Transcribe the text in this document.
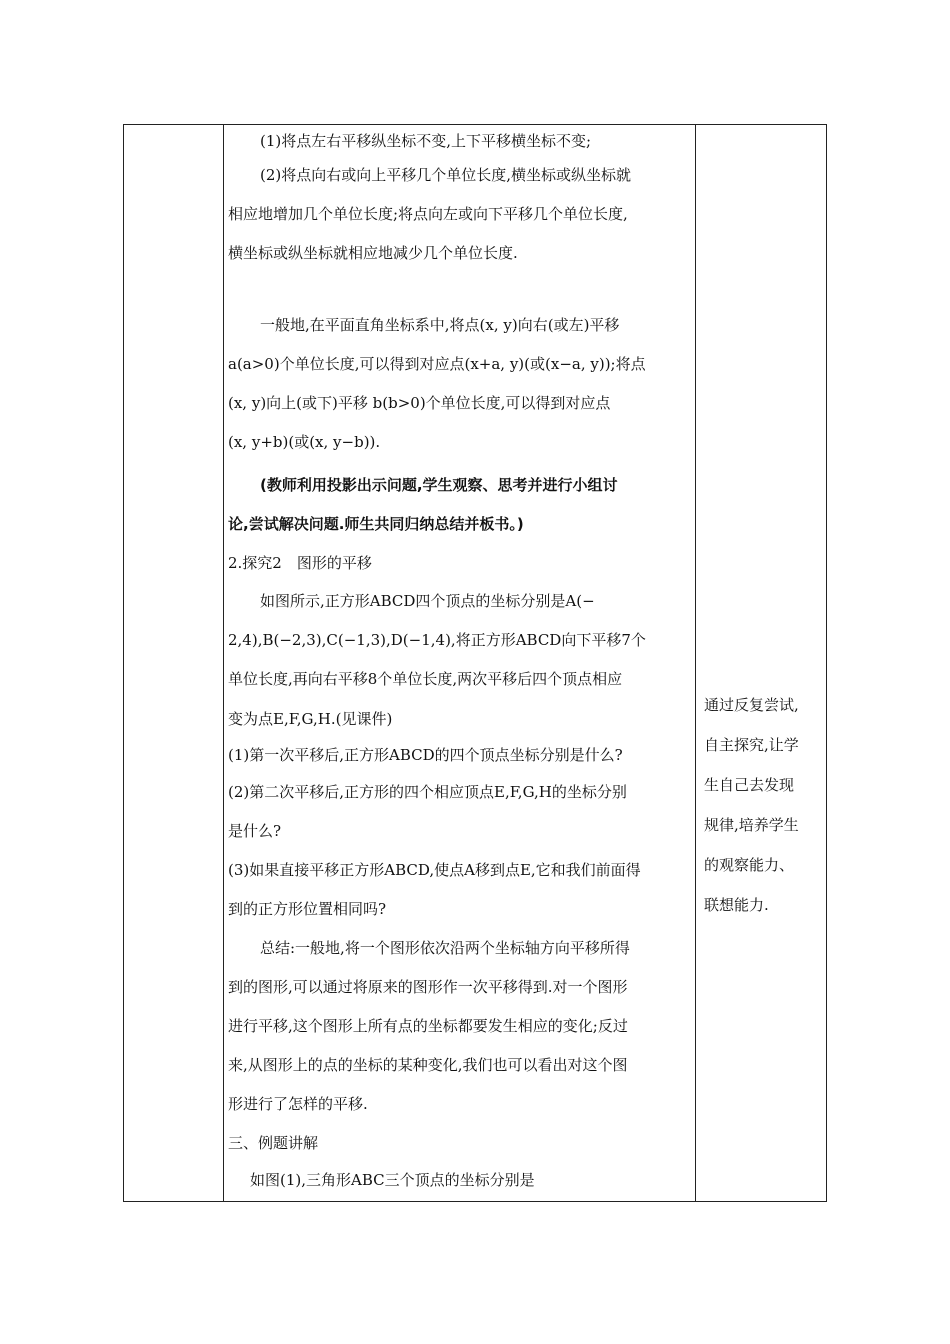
(1)将点左右平移纵坐标不变,上下平移横坐标不变;
(2)将点向右或向上平移几个单位长度,横坐标或纵坐标就
相应地增加几个单位长度;将点向左或向下平移几个单位长度,
横坐标或纵坐标就相应地减少几个单位长度.
一般地,在平面直角坐标系中,将点(x, y)向右(或左)平移
a(a>0)个单位长度,可以得到对应点(x+a, y)(或(x−a, y));将点
(x, y)向上(或下)平移 b(b>0)个单位长度,可以得到对应点
(x, y+b)(或(x, y−b)).
(教师利用投影出示问题,学生观察、思考并进行小组讨
论,尝试解决问题.师生共同归纳总结并板书。)
2.探究2　图形的平移
如图所示,正方形ABCD四个顶点的坐标分别是A(−
2,4),B(−2,3),C(−1,3),D(−1,4),将正方形ABCD向下平移7个
单位长度,再向右平移8个单位长度,两次平移后四个顶点相应
变为点E,F,G,H.(见课件)
(1)第一次平移后,正方形ABCD的四个顶点坐标分别是什么?
(2)第二次平移后,正方形的四个相应顶点E,F,G,H的坐标分别
是什么?
(3)如果直接平移正方形ABCD,使点A移到点E,它和我们前面得
到的正方形位置相同吗?
总结:一般地,将一个图形依次沿两个坐标轴方向平移所得
到的图形,可以通过将原来的图形作一次平移得到.对一个图形
进行平移,这个图形上所有点的坐标都要发生相应的变化;反过
来,从图形上的点的坐标的某种变化,我们也可以看出对这个图
形进行了怎样的平移.
三、例题讲解
如图(1),三角形ABC三个顶点的坐标分别是
通过反复尝试,
自主探究,让学
生自己去发现
规律,培养学生
的观察能力、
联想能力.
